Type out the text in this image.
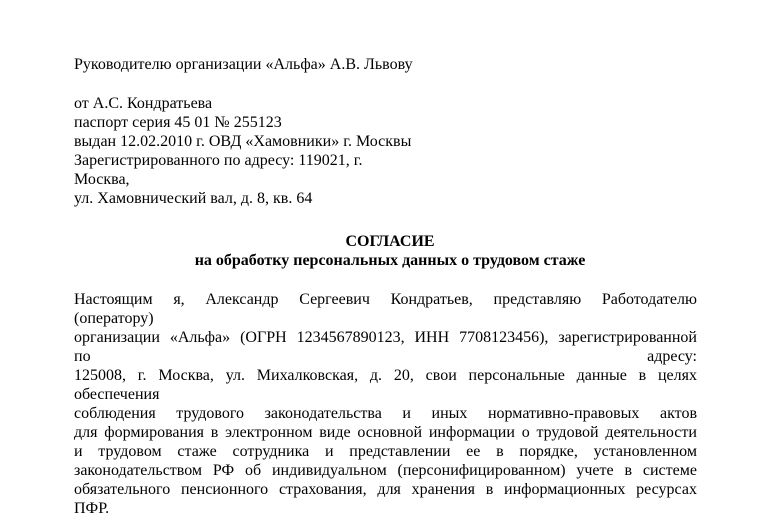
Руководителю организации «Альфа» А.В. Львову
от А.С. Кондратьева
паспорт серия 45 01 № 255123
выдан 12.02.2010 г. ОВД «Хамовники» г. Москвы
Зарегистрированного по адресу: 119021, г.
Москва,
ул. Хамовнический вал, д. 8, кв. 64
СОГЛАСИЕ
на обработку персональных данных о трудовом стаже
Настоящим я, Александр Сергеевич Кондратьев, представляю Работодателю
(оператору)
организации «Альфа» (ОГРН 1234567890123, ИНН 7708123456), зарегистрированной
по	адресу:
125008, г. Москва, ул. Михалковская, д. 20, свои персональные данные в целях
обеспечения
соблюдения трудового законодательства и иных нормативно-правовых актов
для формирования в электронном виде основной информации о трудовой деятельности
и трудовом стаже сотрудника и представлении ее в порядке, установленном
законодательством РФ об индивидуальном (персонифицированном) учете в системе
обязательного пенсионного страхования, для хранения в информационных ресурсах
ПФР.
